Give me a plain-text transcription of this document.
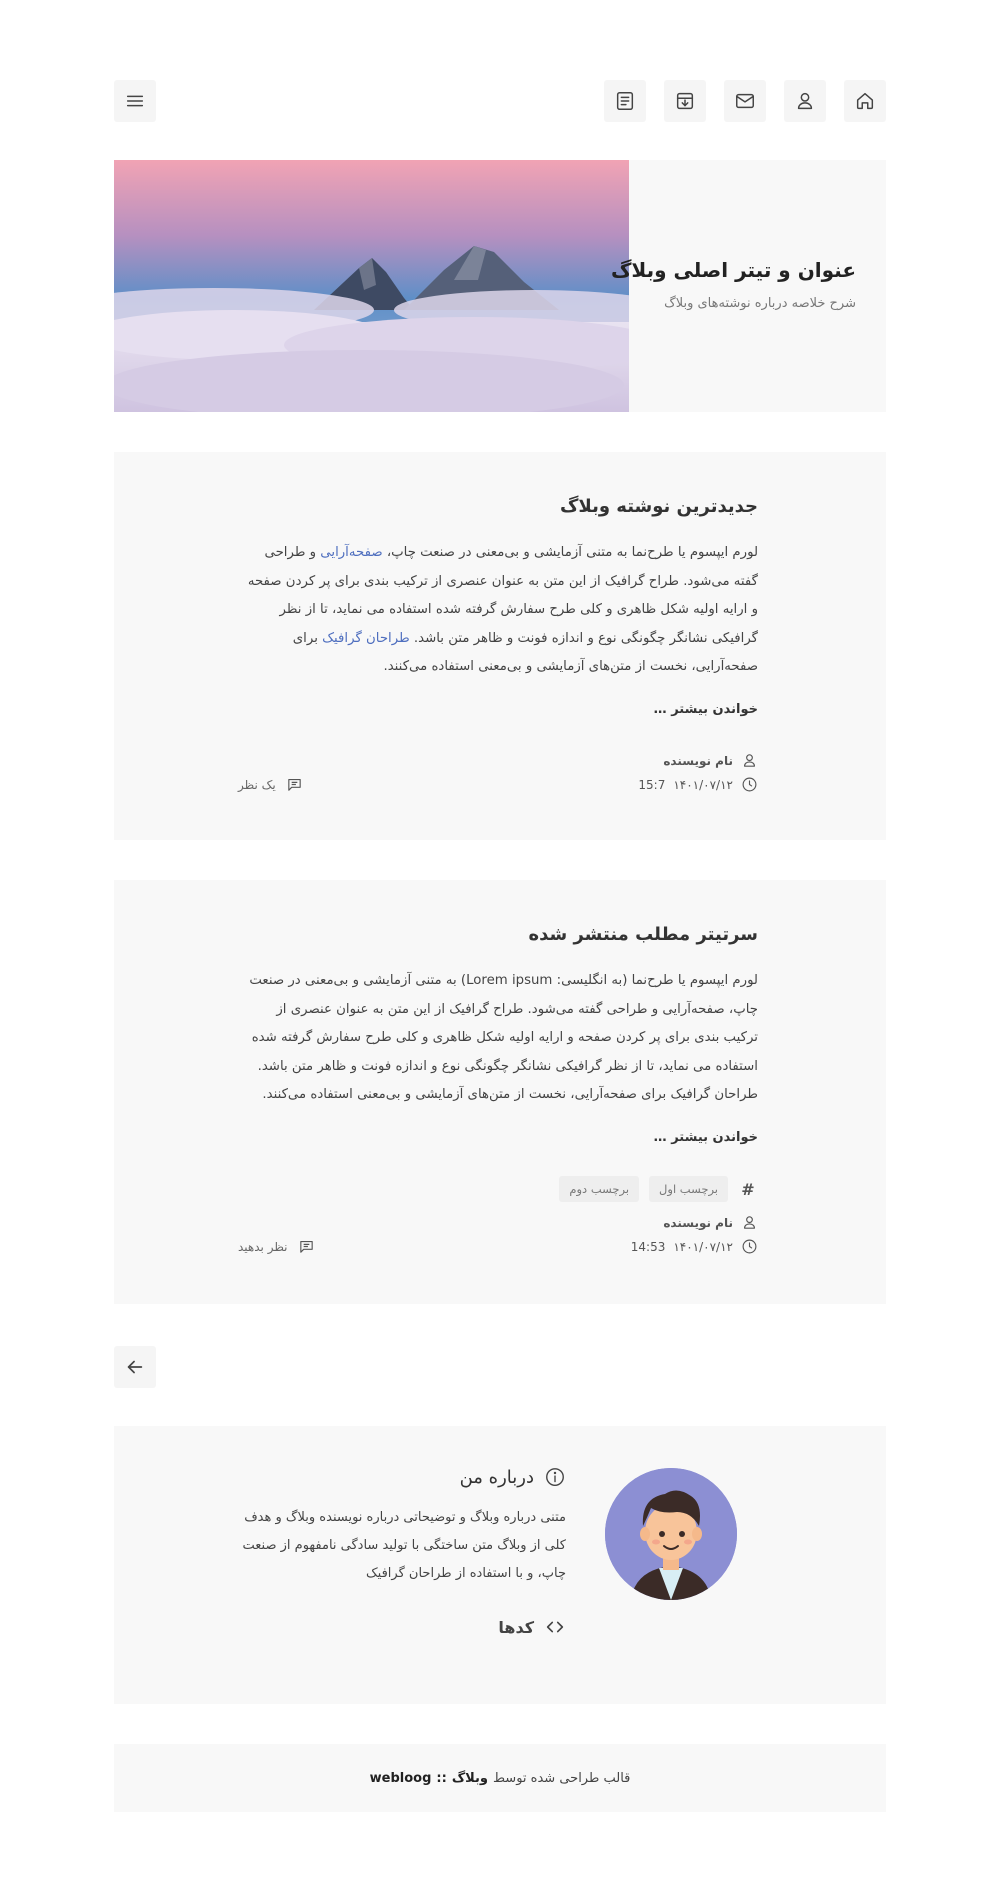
عنوان و تیتر اصلی وبلاگ
شرح خلاصه درباره نوشته‌های وبلاگ
جدیدترین نوشته وبلاگ

لورم ایپسوم یا طرح‌نما به متنی آزمایشی و بی‌معنی در صنعت چاپ، صفحه‌آرایی و طراحی گفته می‌شود. طراح گرافیک از این متن به عنوان عنصری از ترکیب بندی برای پر کردن صفحه و ارایه اولیه شکل ظاهری و کلی طرح سفارش گرفته شده استفاده می نماید، تا از نظر گرافیکی نشانگر چگونگی نوع و اندازه فونت و ظاهر متن باشد. طراحان گرافیک برای صفحه‌آرایی، نخست از متن‌های آزمایشی و بی‌معنی استفاده می‌کنند.

خواندن بیشتر …
نام نویسنده
۱۴۰۱/۰۷/۱۲
15:7
یک نظر
سرتیتر مطلب منتشر شده

لورم ایپسوم یا طرح‌نما (به انگلیسی: Lorem ipsum) به متنی آزمایشی و بی‌معنی در صنعت چاپ، صفحه‌آرایی و طراحی گفته می‌شود. طراح گرافیک از این متن به عنوان عنصری از ترکیب بندی برای پر کردن صفحه و ارایه اولیه شکل ظاهری و کلی طرح سفارش گرفته شده استفاده می نماید، تا از نظر گرافیکی نشانگر چگونگی نوع و اندازه فونت و ظاهر متن باشد. طراحان گرافیک برای صفحه‌آرایی، نخست از متن‌های آزمایشی و بی‌معنی استفاده می‌کنند.

خواندن بیشتر …
#
برچسب اول
برچسب دوم
نام نویسنده
۱۴۰۱/۰۷/۱۲
14:53
نظر بدهید
درباره من

متنی درباره وبلاگ و توضیحاتی درباره نویسنده وبلاگ و هدف کلی از وبلاگ متن ساختگی با تولید سادگی نامفهوم از صنعت چاپ، و با استفاده از طراحان گرافیک

کدها
قالب طراحی شده توسط
وبلاگ
::
webloog
